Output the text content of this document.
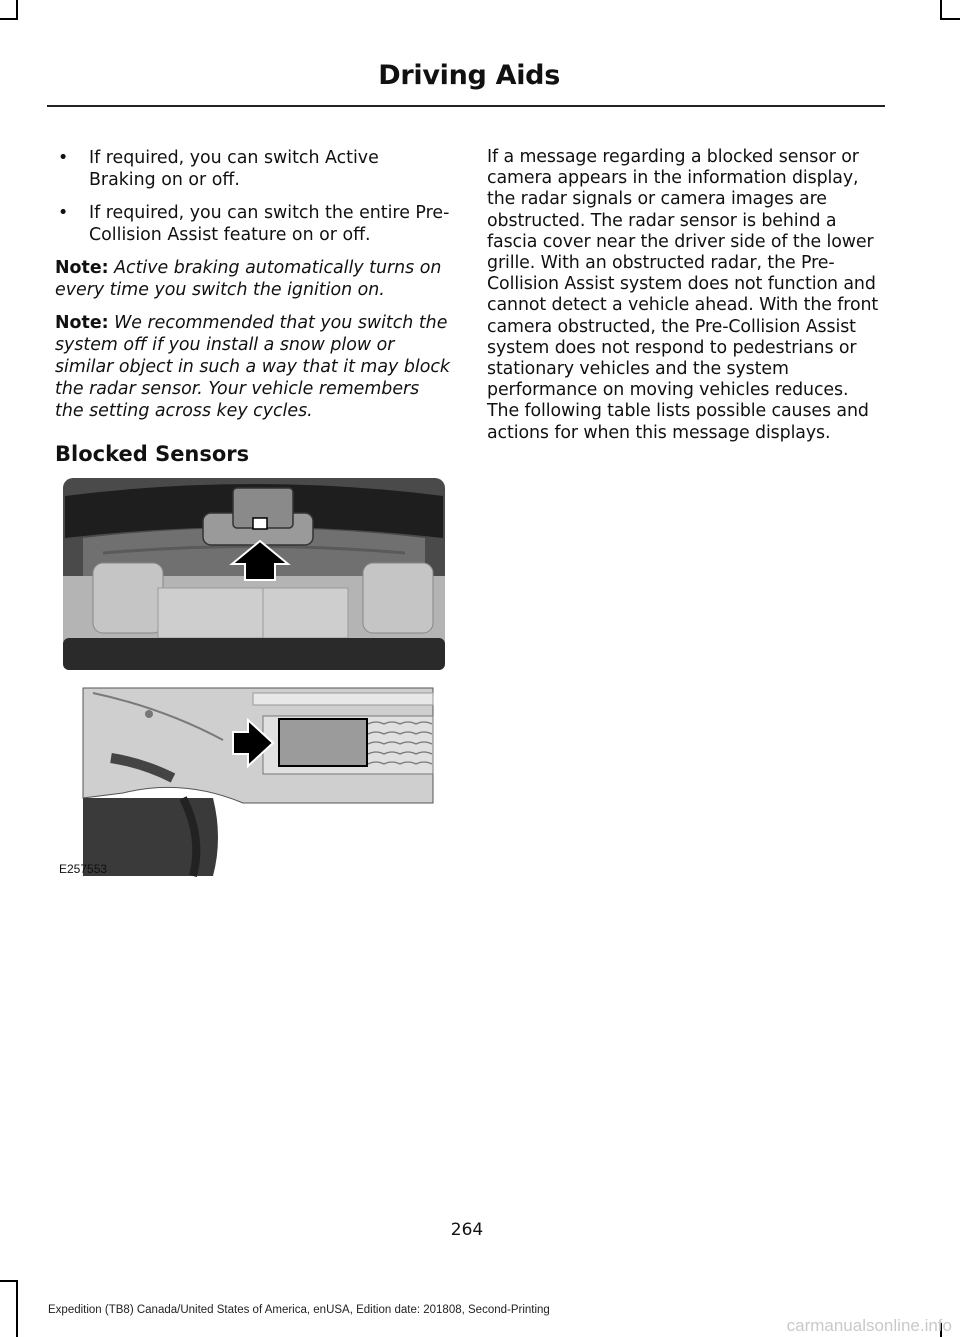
Driving Aids
• If required, you can switch Active Braking on or off.
• If required, you can switch the entire Pre-Collision Assist feature on or off.
Note: Active braking automatically turns on every time you switch the ignition on.
Note: We recommended that you switch the system off if you install a snow plow or similar object in such a way that it may block the radar sensor. Your vehicle remembers the setting across key cycles.
Blocked Sensors
If a message regarding a blocked sensor or camera appears in the information display, the radar signals or camera images are obstructed. The radar sensor is behind a fascia cover near the driver side of the lower grille. With an obstructed radar, the Pre-Collision Assist system does not function and cannot detect a vehicle ahead. With the front camera obstructed, the Pre-Collision Assist system does not respond to pedestrians or stationary vehicles and the system performance on moving vehicles reduces. The following table lists possible causes and actions for when this message displays.
E257553
264
Expedition (TB8) Canada/United States of America, enUSA, Edition date: 201808, Second-Printing
carmanualsonline.info
